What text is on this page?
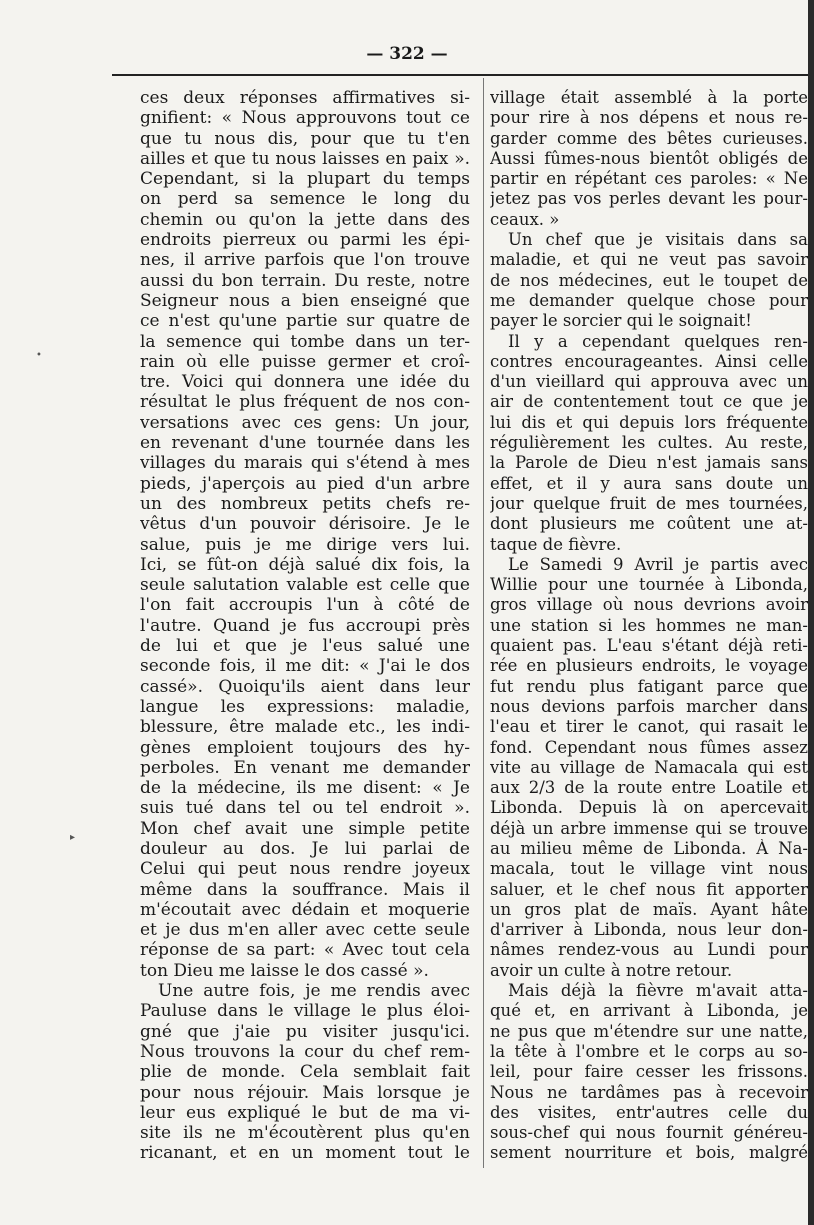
— 322 —
ces deux réponses affirmatives si-
gnifient: « Nous approuvons tout ce
que tu nous dis, pour que tu t'en
ailles et que tu nous laisses en paix ».
Cependant, si la plupart du temps
on perd sa semence le long du
chemin ou qu'on la jette dans des
endroits pierreux ou parmi les épi-
nes, il arrive parfois que l'on trouve
aussi du bon terrain. Du reste, notre
Seigneur nous a bien enseigné que
ce n'est qu'une partie sur quatre de
la semence qui tombe dans un ter-
rain où elle puisse germer et croî-
tre. Voici qui donnera une idée du
résultat le plus fréquent de nos con-
versations avec ces gens: Un jour,
en revenant d'une tournée dans les
villages du marais qui s'étend à mes
pieds, j'aperçois au pied d'un arbre
un des nombreux petits chefs re-
vêtus d'un pouvoir dérisoire. Je le
salue, puis je me dirige vers lui.
Ici, se fût-on déjà salué dix fois, la
seule salutation valable est celle que
l'on fait accroupis l'un à côté de
l'autre. Quand je fus accroupi près
de lui et que je l'eus salué une
seconde fois, il me dit: « J'ai le dos
cassé». Quoiqu'ils aient dans leur
langue les expressions: maladie,
blessure, être malade etc., les indi-
gènes emploient toujours des hy-
perboles. En venant me demander
de la médecine, ils me disent: « Je
suis tué dans tel ou tel endroit ».
Mon chef avait une simple petite
douleur au dos. Je lui parlai de
Celui qui peut nous rendre joyeux
même dans la souffrance. Mais il
m'écoutait avec dédain et moquerie
et je dus m'en aller avec cette seule
réponse de sa part: « Avec tout cela
ton Dieu me laisse le dos cassé ».
Une autre fois, je me rendis avec
Pauluse dans le village le plus éloi-
gné que j'aie pu visiter jusqu'ici.
Nous trouvons la cour du chef rem-
plie de monde. Cela semblait fait
pour nous réjouir. Mais lorsque je
leur eus expliqué le but de ma vi-
site ils ne m'écoutèrent plus qu'en
ricanant, et en un moment tout le
village était assemblé à la porte
pour rire à nos dépens et nous re-
garder comme des bêtes curieuses.
Aussi fûmes-nous bientôt obligés de
partir en répétant ces paroles: « Ne
jetez pas vos perles devant les pour-
ceaux. »
Un chef que je visitais dans sa
maladie, et qui ne veut pas savoir
de nos médecines, eut le toupet de
me demander quelque chose pour
payer le sorcier qui le soignait!
Il y a cependant quelques ren-
contres encourageantes. Ainsi celle
d'un vieillard qui approuva avec un
air de contentement tout ce que je
lui dis et qui depuis lors fréquente
régulièrement les cultes. Au reste,
la Parole de Dieu n'est jamais sans
effet, et il y aura sans doute un
jour quelque fruit de mes tournées,
dont plusieurs me coûtent une at-
taque de fièvre.
Le Samedi 9 Avril je partis avec
Willie pour une tournée à Libonda,
gros village où nous devrions avoir
une station si les hommes ne man-
quaient pas. L'eau s'étant déjà reti-
rée en plusieurs endroits, le voyage
fut rendu plus fatigant parce que
nous devions parfois marcher dans
l'eau et tirer le canot, qui rasait le
fond. Cependant nous fûmes assez
vite au village de Namacala qui est
aux 2/3 de la route entre Loatile et
Libonda. Depuis là on apercevait
déjà un arbre immense qui se trouve
au milieu même de Libonda. À Na-
macala, tout le village vint nous
saluer, et le chef nous fit apporter
un gros plat de maïs. Ayant hâte
d'arriver à Libonda, nous leur don-
nâmes rendez-vous au Lundi pour
avoir un culte à notre retour.
Mais déjà la fièvre m'avait atta-
qué et, en arrivant à Libonda, je
ne pus que m'étendre sur une natte,
la tête à l'ombre et le corps au so-
leil, pour faire cesser les frissons.
Nous ne tardâmes pas à recevoir
des visites, entr'autres celle du
sous-chef qui nous fournit généreu-
sement nourriture et bois, malgré
•
▸
